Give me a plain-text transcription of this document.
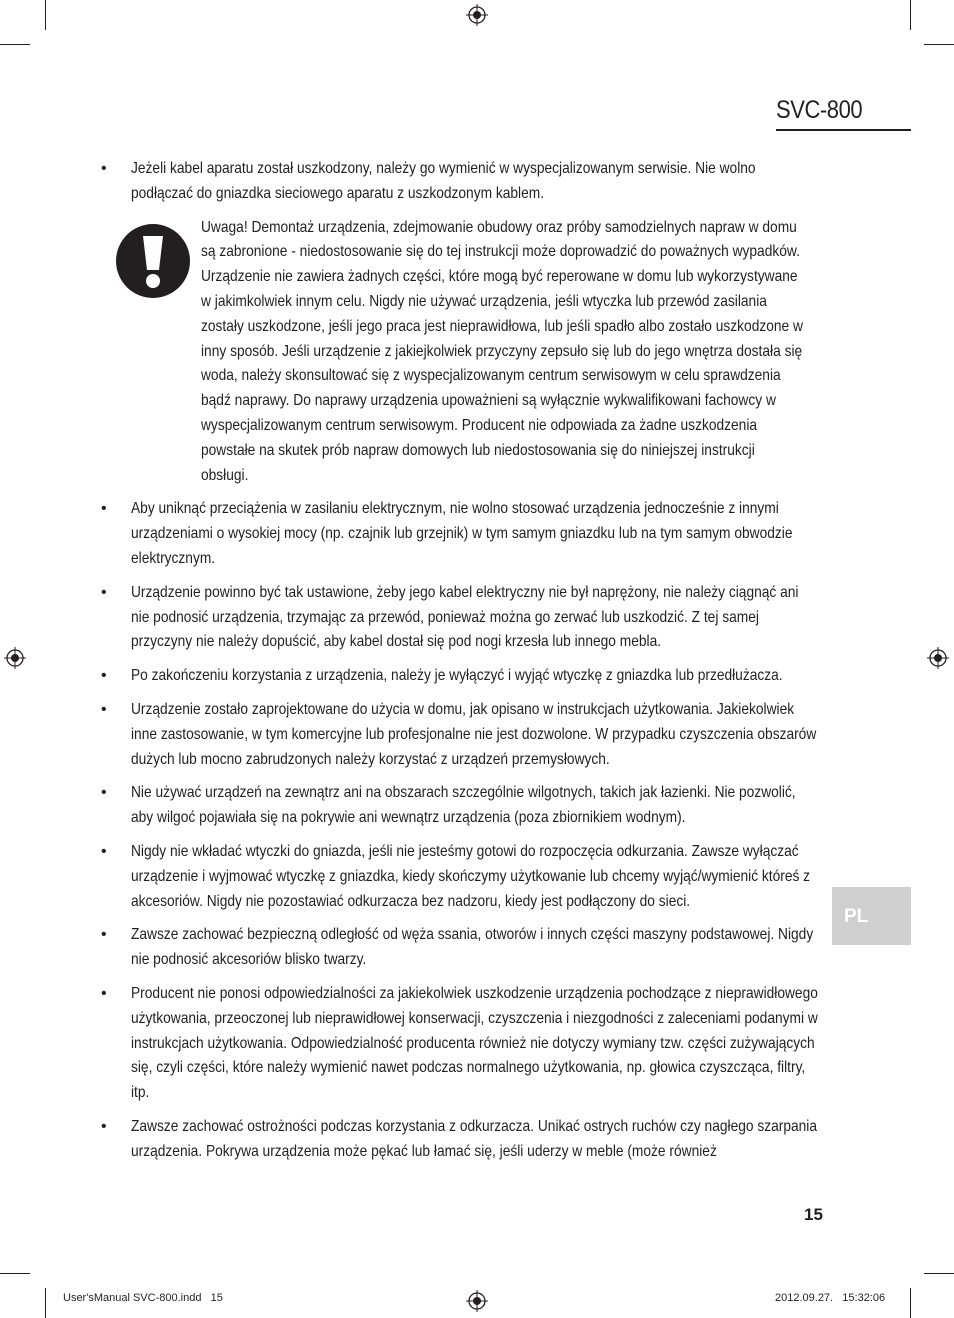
SVC-800
• Jeżeli kabel aparatu został uszkodzony, należy go wymienić w wyspecjalizowanym serwisie. Nie wolno podłączać do gniazdka sieciowego aparatu z uszkodzonym kablem.
Uwaga! Demontaż urządzenia, zdejmowanie obudowy oraz próby samodzielnych napraw w domu są zabronione - niedostosowanie się do tej instrukcji może doprowadzić do poważnych wypadków. Urządzenie nie zawiera żadnych części, które mogą być reperowane w domu lub wykorzystywane w jakimkolwiek innym celu. Nigdy nie używać urządzenia, jeśli wtyczka lub przewód zasilania zostały uszkodzone, jeśli jego praca jest nieprawidłowa, lub jeśli spadło albo zostało uszkodzone w inny sposób. Jeśli urządzenie z jakiejkolwiek przyczyny zepsuło się lub do jego wnętrza dostała się woda, należy skonsultować się z wyspecjalizowanym centrum serwisowym w celu sprawdzenia bądź naprawy. Do naprawy urządzenia upoważnieni są wyłącznie wykwalifikowani fachowcy w wyspecjalizowanym centrum serwisowym. Producent nie odpowiada za żadne uszkodzenia powstałe na skutek prób napraw domowych lub niedostosowania się do niniejszej instrukcji obsługi.
• Aby uniknąć przeciążenia w zasilaniu elektrycznym, nie wolno stosować urządzenia jednocześnie z innymi urządzeniami o wysokiej mocy (np. czajnik lub grzejnik) w tym samym gniazdku lub na tym samym obwodzie elektrycznym.
• Urządzenie powinno być tak ustawione, żeby jego kabel elektryczny nie był naprężony, nie należy ciągnąć ani nie podnosić urządzenia, trzymając za przewód, ponieważ można go zerwać lub uszkodzić. Z tej samej przyczyny nie należy dopuścić, aby kabel dostał się pod nogi krzesła lub innego mebla.
• Po zakończeniu korzystania z urządzenia, należy je wyłączyć i wyjąć wtyczkę z gniazdka lub przedłużacza.
• Urządzenie zostało zaprojektowane do użycia w domu, jak opisano w instrukcjach użytkowania. Jakiekolwiek inne zastosowanie, w tym komercyjne lub profesjonalne nie jest dozwolone. W przypadku czyszczenia obszarów dużych lub mocno zabrudzonych należy korzystać z urządzeń przemysłowych.
• Nie używać urządzeń na zewnątrz ani na obszarach szczególnie wilgotnych, takich jak łazienki. Nie pozwolić, aby wilgoć pojawiała się na pokrywie ani wewnątrz urządzenia (poza zbiornikiem wodnym).
• Nigdy nie wkładać wtyczki do gniazda, jeśli nie jesteśmy gotowi do rozpoczęcia odkurzania. Zawsze wyłączać urządzenie i wyjmować wtyczkę z gniazdka, kiedy skończymy użytkowanie lub chcemy wyjąć/wymienić któreś z akcesoriów. Nigdy nie pozostawiać odkurzacza bez nadzoru, kiedy jest podłączony do sieci.
• Zawsze zachować bezpieczną odległość od węża ssania, otworów i innych części maszyny podstawowej. Nigdy nie podnosić akcesoriów blisko twarzy.
• Producent nie ponosi odpowiedzialności za jakiekolwiek uszkodzenie urządzenia pochodzące z nieprawidłowego użytkowania, przeoczonej lub nieprawidłowej konserwacji, czyszczenia i niezgodności z zaleceniami podanymi w instrukcjach użytkowania. Odpowiedzialność producenta również nie dotyczy wymiany tzw. części zużywających się, czyli części, które należy wymienić nawet podczas normalnego użytkowania, np. głowica czyszcząca, filtry, itp.
• Zawsze zachować ostrożności podczas korzystania z odkurzacza. Unikać ostrych ruchów czy nagłego szarpania urządzenia. Pokrywa urządzenia może pękać lub łamać się, jeśli uderzy w meble (może również
PL
15
User'sManual SVC-800.indd   15	2012.09.27.   15:32:06
